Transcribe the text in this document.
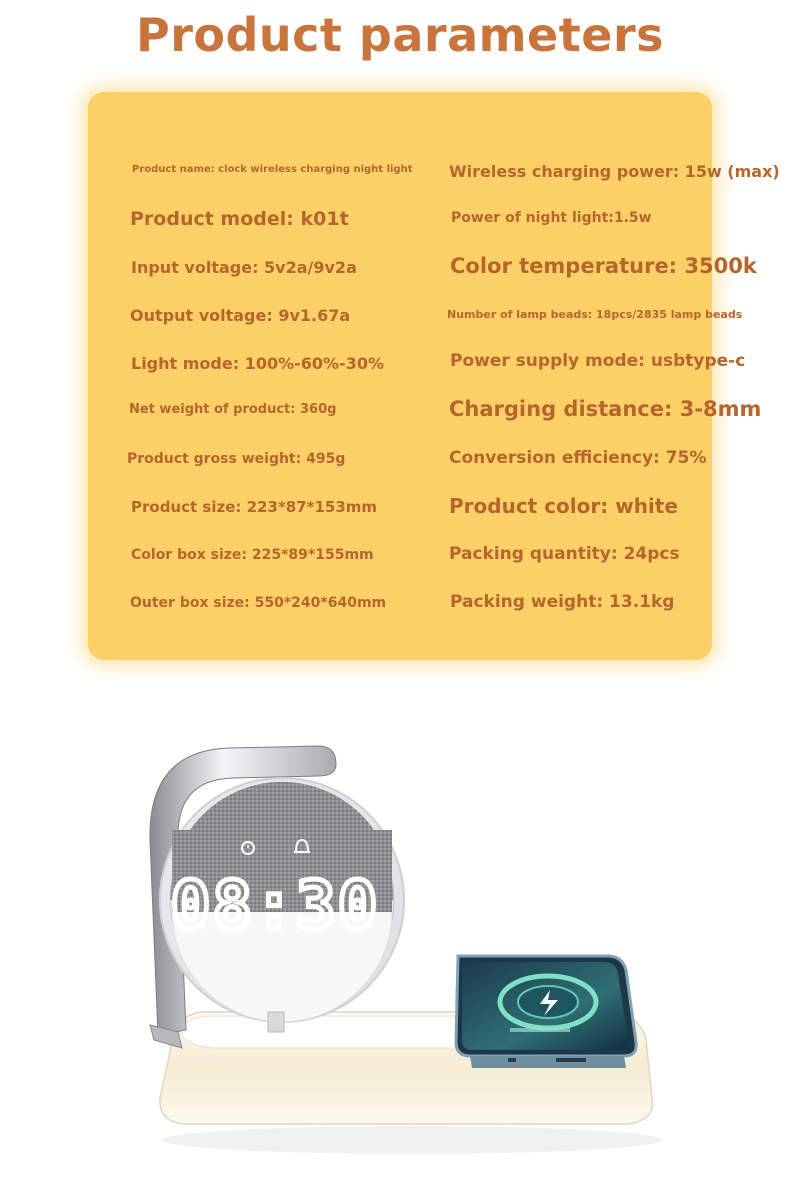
Product parameters
Product name: clock wireless charging night light
Product model: k01t
Input voltage: 5v2a/9v2a
Output voltage: 9v1.67a
Light mode: 100%-60%-30%
Net weight of product: 360g
Product gross weight: 495g
Product size: 223*87*153mm
Color box size: 225*89*155mm
Outer box size: 550*240*640mm
Wireless charging power: 15w (max)
Power of night light:1.5w
Color temperature: 3500k
Number of lamp beads: 18pcs/2835 lamp beads
Power supply mode: usbtype-c
Charging distance: 3-8mm
Conversion efficiency: 75%
Product color: white
Packing quantity: 24pcs
Packing weight: 13.1kg
08:30
